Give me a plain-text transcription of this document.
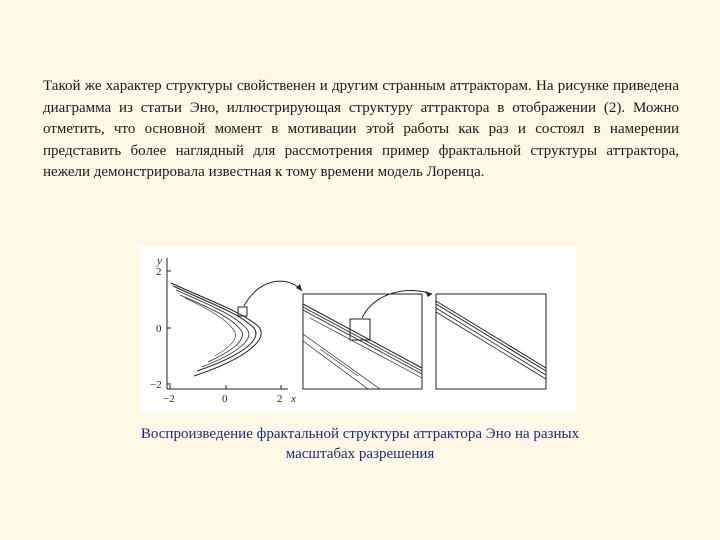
Такой же характер структуры свойственен и другим странным аттракторам. На рисунке приведена диаграмма из статьи Эно, иллюстрирующая структуру аттрактора в отображении (2). Можно отметить, что основной момент в мотивации этой работы как раз и состоял в намерении представить более наглядный для рассмотрения пример фрактальной структуры аттрактора, нежели демонстрировала известная к тому времени модель Лоренца.

y
2
0
−2
−2	0	2 x

Воспроизведение фрактальной структуры аттрактора Эно на разных
масштабах разрешения
